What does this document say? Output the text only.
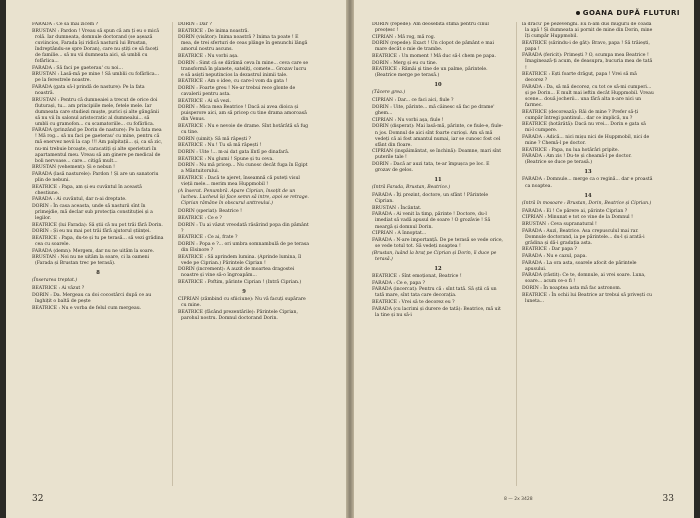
FARADA : Ce să mai zicem ?

BRUSTAN : Pardon ! Vreau să spun că am ți eu o mică rolă. Iar dumneata, domnule doctorand (se așează cuviincios, Farada își ridică nasturii lui Brustan, îndreptându-se spre Doran), care nu știți ce să faceți de familie... să nu vii dumneata aici, să umbli cu fofârlica...

FARADA : Să faci pe gaeterau' cu noi...

BRUSTAN : Lasă-mă pe mine ! Să umblii cu fofârlica... pe la ferestrele noastre.

FARADA (gata să-l prindă de nasture): Pe la fata noastră.

BRUSTAN : Pentru că dumneaiei a trecut de orice doi fluturași, tu... am principiile mele, fetele mele. Iar dumneata care studiezi muște, purici și alte gângănii să nu vii în salonul aristocratic al dumnealui... să umbli cu gramofon... cu scamatoriile... cu fofârlica.

FARADA (prinzând pe Dorin de nasture): Pe la fata mea ! Mă rog... să nu faci pe gaeterau' cu mine, pentru că mă enervez nevii la cap !!! Am palpitații... și, ca să zic, nu-mi trebuie broaște, caracatiți și alte sperieturi în apartamentul meu. Vreau să am ginere pe medical de boli nervoase... care... citigă mult...

BRUSTAN (vehement): Și e nebun !

FARADA (lasă nasturele): Pardon ! Și are un sanatoriu plin de nebuni.

BEATRICE : Papa, am și eu cuvântul în această chestiune.

FARADA : Ai cuvântul, dar n-ai dreptate.

DORIN : În casa aceasta, unde să nasturii sînt în primejdie, mă declar sub protecția constituției și a legilor.

BEATRICE (lui Farada): Să știi că nu pot trăi fără Dorin.

DORIN : Și eu nu mai pot trăi fără ajutorul științei.

BEATRICE : Papa, du-te și tu pe terasă... să vezi grădina cea cu soarele.

FARADA (demn): Mergem, dar nu ne uităm la soare.

BRUSTAN : Noi nu ne uităm la soare, ci la oameni (Farada și Brustan trec pe terasă).

8

(Înserarea treptat.)

BEATRICE : Ai văzut ?

DORIN : Da. Mergeau ca doi cocostârci după ce au înghițit o baltă de pește

BEATRICE : Nu e vorba de felul cum mergeau.

DORIN : Dar ?

BEATRICE : De inima noastră.

DORIN (visător): Inima noastră ? Inima ta poate ! E mea, de trei sferturi de ceas plânge în genunchi lângă amorul nostru ascuns.

BEATRICE : Nu vorbi așa.

DORIN : Simt că se dărâmă ceva în mine... ceva care se transformă în planete, sateliți, comete... Grozav lucru e să asiști neputincios la dezastrul inimii tale.

BEATRICE : Am o idee, cu care-l vom da gata !

DORIN : Foarte greu ! Ne-ar trebui rece glonte de cavalerii pentru asta.

BEATRICE : Ai să vezi.

DORIN : Mica mea Beatrice ! Dacă ai avea dioica și puisperore aici, am să pricep cu tine drama amoroasă din Venus.

BEATRICE : Nu e nevoie de drame. Sînt hotărâtă să fug cu tine.

DORIN (uimit): Să mă răpești ?

BEATRICE : Nu ! Tu să mă răpești !

DORIN : Uite !... m-ai dat gata lîntî pe dinafară.

BEATRICE : Nu glumi ! Spune și tu ceva.

DORIN : Nu mă pricep... Nu cunosc decât fuga în Egipt a Mântuitorului.

BEATRICE : Dacă te ajeret, înseamnă că puteți visul vieții mele... merim mea Huppmobil !

(A înserat. Penumbră. Apare Ciprian, însoțit de un lucheu. Lucheul își face semn să intre, apoi se retrage. Ciprian rămâne în obscurul anttreului.)

DORIN (speriat): Beatrice !

BEATRICE : Ce e ?

DORIN : Tu ai văzut vreodată răsărind popa din pământ ?

BEATRICE : Ce ai, frate ?

DORIN : Popa e ?... ori umbra somnambulă de pe terasa din Elsinore ?

BEATRICE : Să aprindem lumina. (Aprinde lumina, îl vede pe Ciprian.) Părintele Ciprian !

DORIN (increment): A auzit de moartea dragostei noastre și vine să-o îngroapăm...

BEATRICE : Poftim, părinte Ciprian ! (Intră Ciprian.)

9

CIPRIAN (zâmbind cu sfiiciune): Nu vă facuți supărare cu mine.

BEATRICE (făcând prezentările): Părintele Ciprian, parohul nostru. Domnul doctorand Dorin.

32
GOANA DUPĂ FLUTURI

DORIN (repede): Am deosebită stimă pentru cinul preoțesc !

CIPRIAN : Mă rog, mă rog.

DORIN (repede): Exact ! Un clopot de pământ e mai mare decât o mie de trambe.

BEATRICE : Un moment ! Mă duc să-l chem pe papa.

DORIN : Merg și eu cu tine.

BEATRICE : Rămâi și tine de un palme, părintele. (Beatrice merge pe terasă.)

10

(Tăcere grea.)

CIPRIAN : Dar... ce faci aici, fiule ?

DORIN : Uite, părinte... mă căinesc să fac pe drame' ghem...

CIPRIAN : Nu vorbi așa, fiule !

DORIN (disperat): Mai lasă-mă, părinte, ce fiule-e, fiule-n jos. Domnul de aici sînt foarte curioși. Am să mă vedeți că ai fost amantul numai, iar se cunosc fost cel sfânt din floare.

CIPRIAN (inspăimântat, se închină): Doamne, mari sînt puterile tale !

DORIN : Dacă ar auzi tata, te-ar împușca pe loc. E grozav de gelos.

11

(Intră Farada, Brustan, Beatrice.)

FARADA : Îți prezint, doctore, un sfânt ! Părintele Ciprian.

BRUSTAN : Încântat.

FARADA : Ai venit la timp, părinte ! Doctore, du-l imediat să vadă apusul de soare ! O grozăvie ! Să meargă și domnul Dorin.

CIPRIAN : A înnoptat...

FARADA : N-are importanță. De pe terasă se vede orice, se vede totul tot. Să vedeți noaptea !

(Brustan, luând la braț pe Ciprian și Dorin, îi duce pe terasă.)

12

BEATRICE : Sînt emoționat, Beatrice !

FARADA : Ce e, papa ?

FARADA (incercat): Pentru că : sînt tată. Să știi că un tată mare, sînt tata care decorația.

BEATRICE : Vrei să te decorez eu ?

FARADA (cu lacrimi și durere de tată): Beatrice, mă uit la tine și nu să-i

la dracu' pe pezevenghi. Eu n-am dus mugurii de coada la apă ! Și dumneata ai pornit de mine din Dorin, mine îți cumpăr Huppmobil.

BEATRICE (sărindu-i de gât): Bravo, papa ! Să trăiești, papa !

FARADA (fericit): Primești ? O, scumpa mea Beatrice ! Imaginează-ți acum, de deasupra, bucuria mea de tată !

BEATRICE : Ești foarte drăguț, papa ! Vrei să mă decorez ?

FARADA : Da, să mă decorez, cu tot ce să-mi cumperi... și pe Dorin... E mult mai ieftin decât Huppmobil. Vreau scene... două jocherii... una fără alta n-are nici un farmec.

BEATRICE (decorează): Râi de mine ? Prefer să-ți cumpăr întregi pantinul... dar ce implică, nu ?

BEATRICE (hotărâtă): Dacă nu vrei... Dorin e gata să mi-l cumpere.

FARADA : Adică... nici mișu nici de Huppmobil, nici de mine ? Chemă-l pe doctor.

BEATRICE : Papa, nu lua hotărâri pripite.

FARADA : Am zis ! Du-te și cheamă-l pe doctor. (Beatrice se duce pe terasă.)

13

FARADA : Domnule... merge ca o regină... dar e proastă ca noaptea.

14

(Intră în mosoare : Brustan, Dorin, Beatrice și Ciprian.)

FARADA : Ei ! Ce părere ai, părinte Ciprian ?

CIPRIAN : Minunat e tot ce vine de la Domnul !

BRUSTAN : Ceva supranatural !

FARADA : Auzi, Beatrice. Asa crepusculul mai rar. Domnule doctorand, ia pe părintele... du-l și arată-i grădina și dă-i gradația asta.

BEATRICE : Dar papa ?

FARADA : Nu e cazul, papa.

FARADA : La ora asta, soarele afocit de părintele apusului.

FARADA (râstit): Ce te, domnule, ai vrei soare. Luna, soare... acum ce-o fi !

DORIN : În noaptea asta mă fac astronom.

BEATRICE : În ochii lui Beatrice ar trebui să privești cu luneta...

8 — 2x 3428	33
